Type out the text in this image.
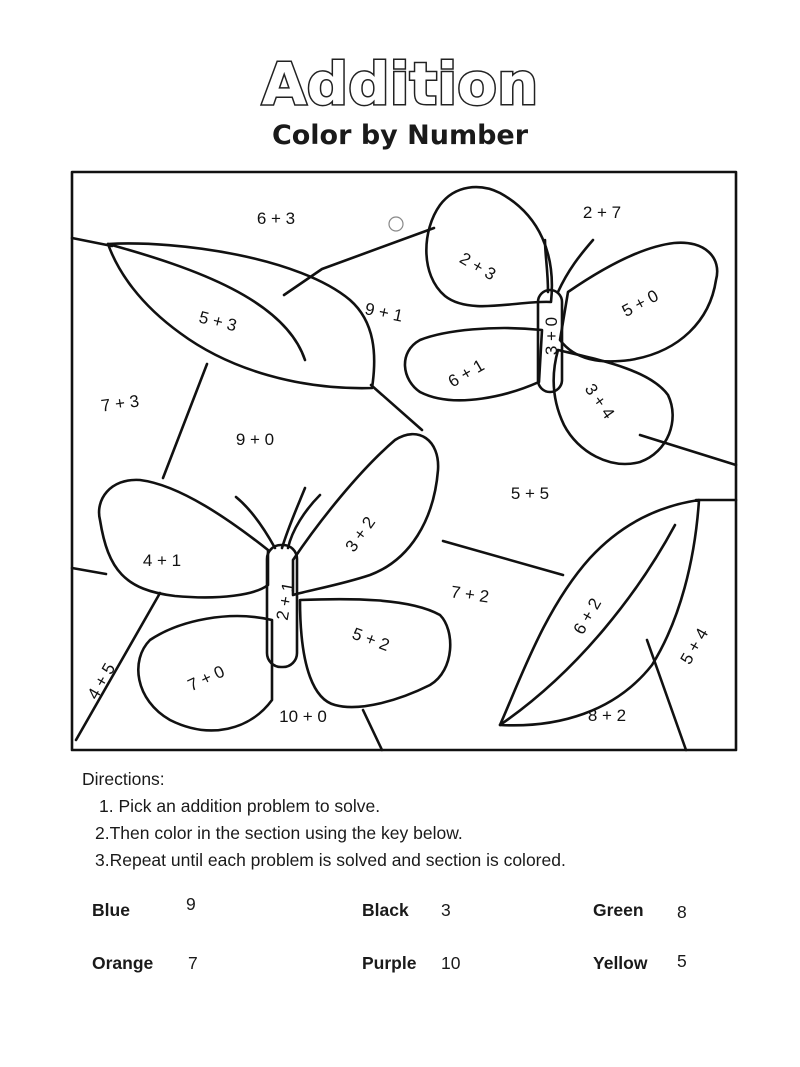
Addition
Color by Number
6 + 3	2 + 7
2 + 3
5 + 0
3 + 0
9 + 1
5 + 3
6 + 1
3 + 4
7 + 3
9 + 0
5 + 5
3 + 2
4 + 1
2 + 1
5 + 2
7 + 2
6 + 2
5 + 4
4 + 5	7 + 0
10 + 0	8 + 2
Directions:
1. Pick an addition problem to solve.
2.Then color in the section using the key below.
3.Repeat until each problem is solved and section is colored.
Blue	9	Black 3	Green 8
Orange 7	Purple 10	Yellow 5
